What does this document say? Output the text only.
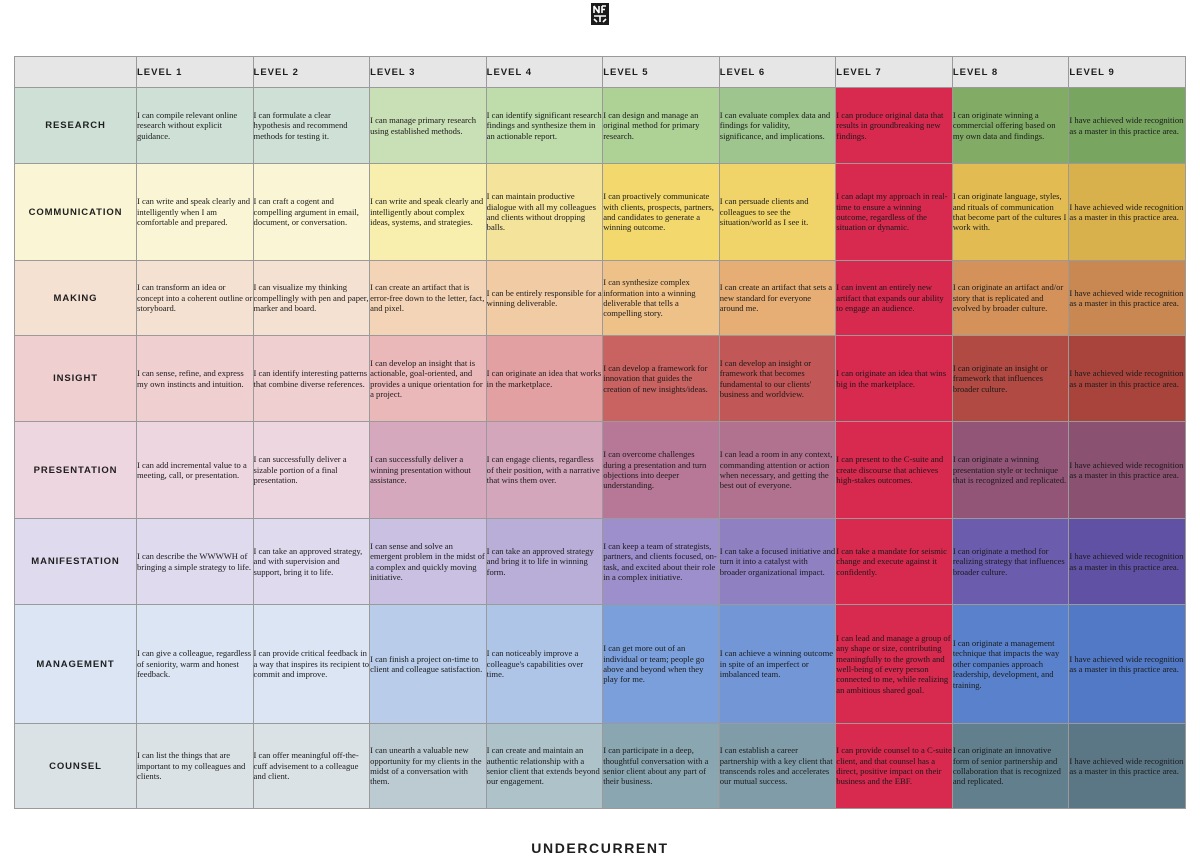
	LEVEL 1	LEVEL 2	LEVEL 3	LEVEL 4	LEVEL 5	LEVEL 6	LEVEL 7	LEVEL 8	LEVEL 9
RESEARCH	I can compile relevant online research without explicit guidance.	I can formulate a clear hypothesis and recommend methods for testing it.	I can manage primary research using established methods.	I can identify significant research findings and synthesize them in an actionable report.	I can design and manage an original method for primary research.	I can evaluate complex data and findings for validity, significance, and implications.	I can produce original data that results in groundbreaking new findings.	I can originate winning a commercial offering based on my own data and findings.	I have achieved wide recognition as a master in this practice area.
COMMUNICATION	I can write and speak clearly and intelligently when I am comfortable and prepared.	I can craft a cogent and compelling argument in email, document, or conversation.	I can write and speak clearly and intelligently about complex ideas, systems, and strategies.	I can maintain productive dialogue with all my colleagues and clients without dropping balls.	I can proactively communicate with clients, prospects, partners, and candidates to generate a winning outcome.	I can persuade clients and colleagues to see the situation/world as I see it.	I can adapt my approach in real-time to ensure a winning outcome, regardless of the situation or dynamic.	I can originate language, styles, and rituals of communication that become part of the cultures I work with.	I have achieved wide recognition as a master in this practice area.
MAKING	I can transform an idea or concept into a coherent outline or storyboard.	I can visualize my thinking compellingly with pen and paper, marker and board.	I can create an artifact that is error-free down to the letter, fact, and pixel.	I can be entirely responsible for a winning deliverable.	I can synthesize complex information into a winning deliverable that tells a compelling story.	I can create an artifact that sets a new standard for everyone around me.	I can invent an entirely new artifact that expands our ability to engage an audience.	I can originate an artifact and/or story that is replicated and evolved by broader culture.	I have achieved wide recognition as a master in this practice area.
INSIGHT	I can sense, refine, and express my own instincts and intuition.	I can identify interesting patterns that combine diverse references.	I can develop an insight that is actionable, goal-oriented, and provides a unique orientation for a project.	I can originate an idea that works in the marketplace.	I can develop a framework for innovation that guides the creation of new insights/ideas.	I can develop an insight or framework that becomes fundamental to our clients' business and worldview.	I can originate an idea that wins big in the marketplace.	I can originate an insight or framework that influences broader culture.	I have achieved wide recognition as a master in this practice area.
PRESENTATION	I can add incremental value to a meeting, call, or presentation.	I can successfully deliver a sizable portion of a final presentation.	I can successfully deliver a winning presentation without assistance.	I can engage clients, regardless of their position, with a narrative that wins them over.	I can overcome challenges during a presentation and turn objections into deeper understanding.	I can lead a room in any context, commanding attention or action when necessary, and getting the best out of everyone.	I can present to the C-suite and create discourse that achieves high-stakes outcomes.	I can originate a winning presentation style or technique that is recognized and replicated.	I have achieved wide recognition as a master in this practice area.
MANIFESTATION	I can describe the WWWWH of bringing a simple strategy to life.	I can take an approved strategy, and with supervision and support, bring it to life.	I can sense and solve an emergent problem in the midst of a complex and quickly moving initiative.	I can take an approved strategy and bring it to life in winning form.	I can keep a team of strategists, partners, and clients focused, on-task, and excited about their role in a complex initiative.	I can take a focused initiative and turn it into a catalyst with broader organizational impact.	I can take a mandate for seismic change and execute against it confidently.	I can originate a method for realizing strategy that influences broader culture.	I have achieved wide recognition as a master in this practice area.
MANAGEMENT	I can give a colleague, regardless of seniority, warm and honest feedback.	I can provide critical feedback in a way that inspires its recipient to commit and improve.	I can finish a project on-time to client and colleague satisfaction.	I can noticeably improve a colleague's capabilities over time.	I can get more out of an individual or team; people go above and beyond when they play for me.	I can achieve a winning outcome in spite of an imperfect or imbalanced team.	I can lead and manage a group of any shape or size, contributing meaningfully to the growth and well-being of every person connected to me, while realizing an ambitious shared goal.	I can originate a management technique that impacts the way other companies approach leadership, development, and training.	I have achieved wide recognition as a master in this practice area.
COUNSEL	I can list the things that are important to my colleagues and clients.	I can offer meaningful off-the-cuff advisement to a colleague and client.	I can unearth a valuable new opportunity for my clients in the midst of a conversation with them.	I can create and maintain an authentic relationship with a senior client that extends beyond our engagement.	I can participate in a deep, thoughtful conversation with a senior client about any part of their business.	I can establish a career partnership with a key client that transcends roles and accelerates our mutual success.	I can provide counsel to a C-suite client, and that counsel has a direct, positive impact on their business and the EBF.	I can originate an innovative form of senior partnership and collaboration that is recognized and replicated.	I have achieved wide recognition as a master in this practice area.
UNDERCURRENT
